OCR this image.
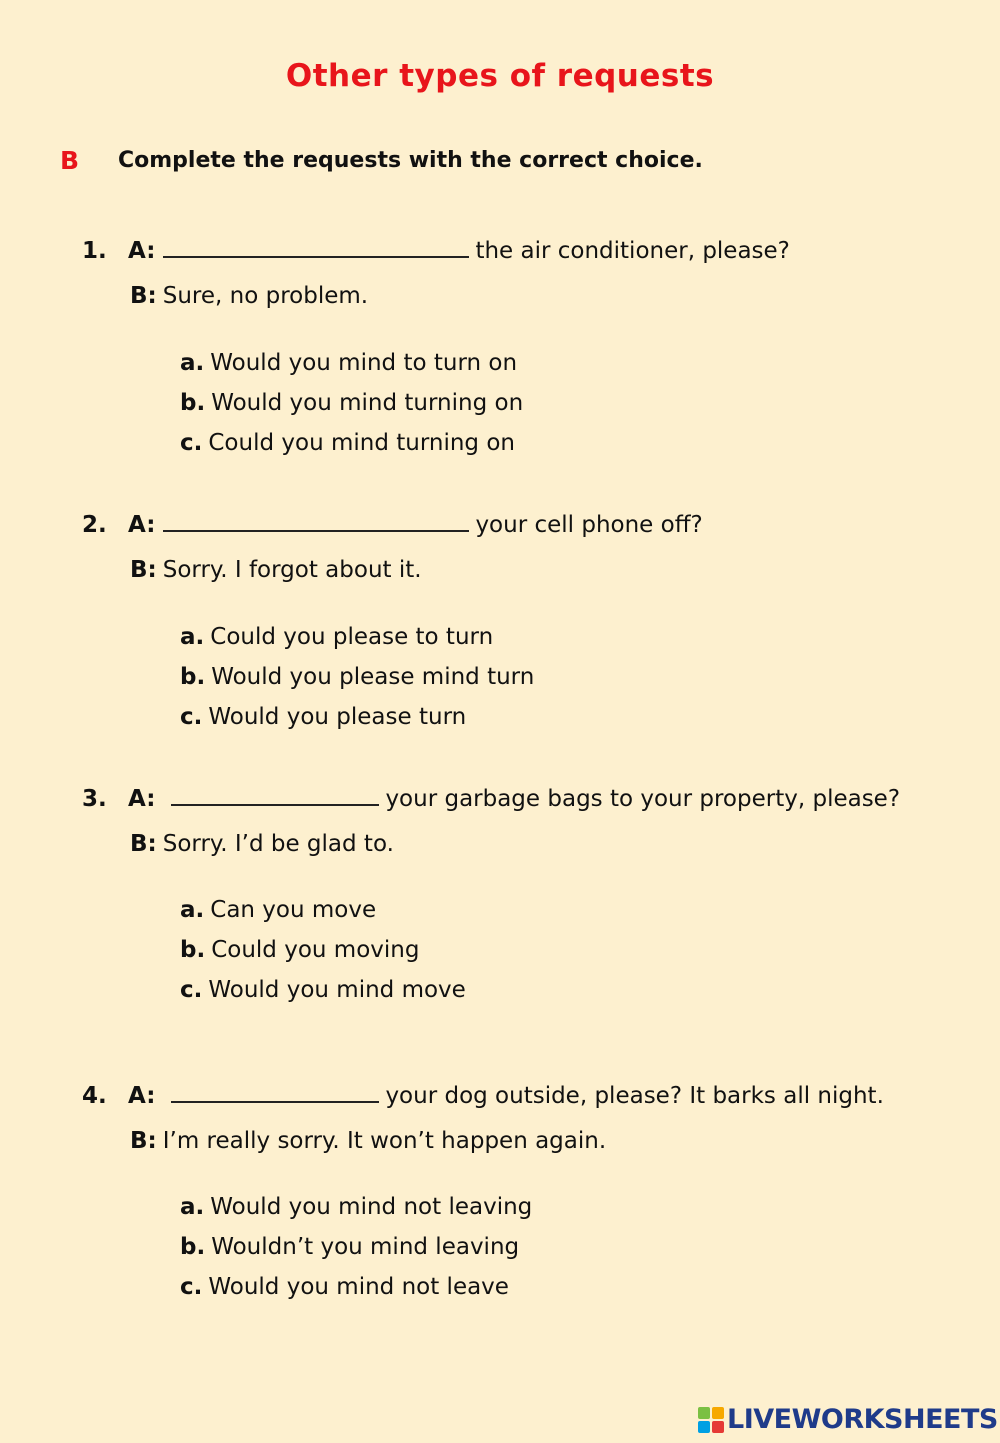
Other types of requests
B Complete the requests with the correct choice.
1. A:	the air conditioner, please?
B: Sure, no problem.
a. Would you mind to turn on
b. Would you mind turning on
c. Could you mind turning on
2. A:	your cell phone off?
B: Sorry. I forgot about it.
a. Could you please to turn
b. Would you please mind turn
c. Would you please turn
3. A:	your garbage bags to your property, please?
B: Sorry. I’d be glad to.
a. Can you move
b. Could you moving
c. Would you mind move
4. A:	your dog outside, please? It barks all night.
B: I’m really sorry. It won’t happen again.
a. Would you mind not leaving
b. Wouldn’t you mind leaving
c. Would you mind not leave
LIVEWORKSHEETS
